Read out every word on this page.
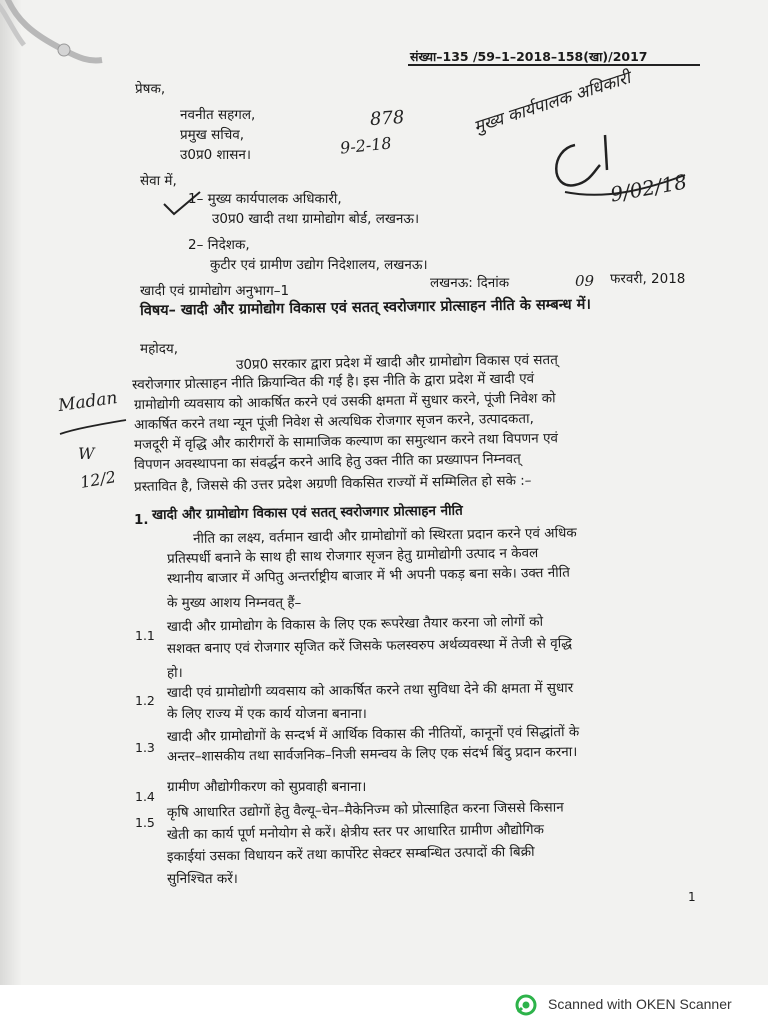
संख्या–135 /59–1–2018–158(खा)/2017
प्रेषक,
नवनीत सहगल,
प्रमुख सचिव,
उ0प्र0 शासन।
878
9-2-18
मुख्य कार्यपालक अधिकारी
9/02/18
सेवा में,
1– मुख्य कार्यपालक अधिकारी,
उ0प्र0 खादी तथा ग्रामोद्योग बोर्ड, लखनऊ।
2– निदेशक,
कुटीर एवं ग्रामीण उद्योग निदेशालय, लखनऊ।
खादी एवं ग्रामोद्योग अनुभाग–1	लखनऊ: दिनांक	09 फरवरी, 2018
विषय– खादी और ग्रामोद्योग विकास एवं सतत् स्वरोजगार प्रोत्साहन नीति के सम्बन्ध में।
महोदय,
उ0प्र0 सरकार द्वारा प्रदेश में खादी और ग्रामोद्योग विकास एवं सतत्
स्वरोजगार प्रोत्साहन नीति क्रियान्वित की गई है। इस नीति के द्वारा प्रदेश में खादी एवं
ग्रामोद्योगी व्यवसाय को आकर्षित करने एवं उसकी क्षमता में सुधार करने, पूंजी निवेश को
आकर्षित करने तथा न्यून पूंजी निवेश से अत्यधिक रोजगार सृजन करने, उत्पादकता,
मजदूरी में वृद्धि और कारीगरों के सामाजिक कल्याण का समुत्थान करने तथा विपणन एवं
विपणन अवस्थापना का संवर्द्धन करने आदि हेतु उक्त नीति का प्रख्यापन निम्नवत्
प्रस्तावित है, जिससे की उत्तर प्रदेश अग्रणी विकसित राज्यों में सम्मिलित हो सके :–
Madan
W
12/2
1. खादी और ग्रामोद्योग विकास एवं सतत् स्वरोजगार प्रोत्साहन नीति
नीति का लक्ष्य, वर्तमान खादी और ग्रामोद्योगों को स्थिरता प्रदान करने एवं अधिक
प्रतिस्पर्धी बनाने के साथ ही साथ रोजगार सृजन हेतु ग्रामोद्योगी उत्पाद न केवल
स्थानीय बाजार में अपितु अन्तर्राष्ट्रीय बाजार में भी अपनी पकड़ बना सके। उक्त नीति
के मुख्य आशय निम्नवत् हैं–
1.1
खादी और ग्रामोद्योग के विकास के लिए एक रूपरेखा तैयार करना जो लोगों को
सशक्त बनाए एवं रोजगार सृजित करें जिसके फलस्वरुप अर्थव्यवस्था में तेजी से वृद्धि
हो।
1.2 खादी एवं ग्रामोद्योगी व्यवसाय को आकर्षित करने तथा सुविधा देने की क्षमता में सुधार
के लिए राज्य में एक कार्य योजना बनाना।
1.3
खादी और ग्रामोद्योगों के सन्दर्भ में आर्थिक विकास की नीतियों, कानूनों एवं सिद्धांतों के
अन्तर–शासकीय तथा सार्वजनिक–निजी समन्वय के लिए एक संदर्भ बिंदु प्रदान करना।
1.4
ग्रामीण औद्योगीकरण को सुप्रवाही बनाना।
1.5
कृषि आधारित उद्योगों हेतु वैल्यू–चेन–मैकेनिज्म को प्रोत्साहित करना जिससे किसान
खेती का कार्य पूर्ण मनोयोग से करें। क्षेत्रीय स्तर पर आधारित ग्रामीण औद्योगिक
इकाईयां उसका विधायन करें तथा कार्पोरेट सेक्टर सम्बन्धित उत्पादों की बिक्री
सुनिश्चित करें।
1
Scanned with OKEN Scanner
